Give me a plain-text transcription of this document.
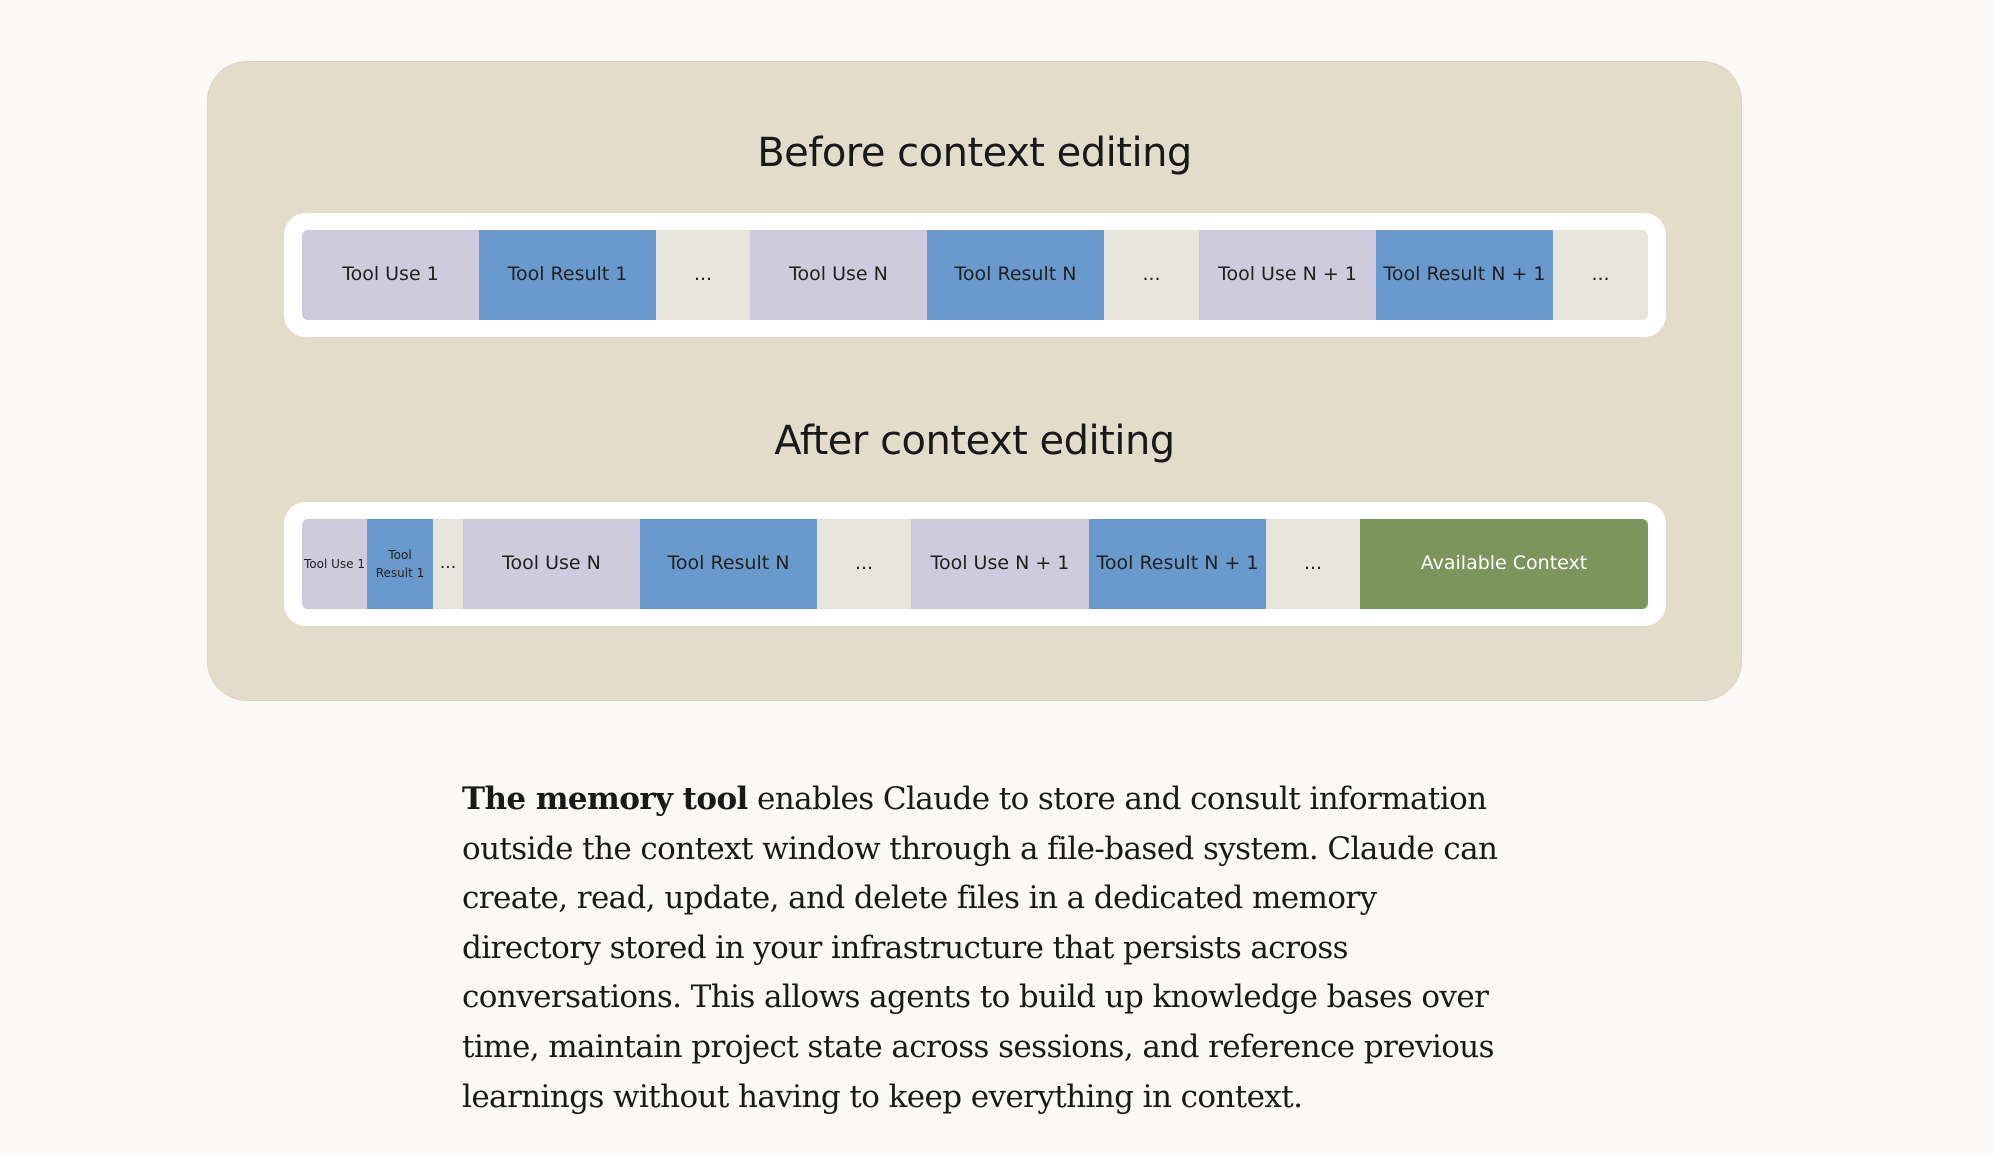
Before context editing
Tool Use 1	Tool Result 1	...	Tool Use N	Tool Result N	...	Tool Use N + 1	Tool Result N + 1	...
After context editing
Tool Use 1
Tool Result 1 ...	Tool Use N	Tool Result N	...	Tool Use N + 1	Tool Result N + 1	...	Available Context

The memory tool enables Claude to store and consult information outside the context window through a file-based system. Claude can create, read, update, and delete files in a dedicated memory directory stored in your infrastructure that persists across conversations. This allows agents to build up knowledge bases over time, maintain project state across sessions, and reference previous learnings without having to keep everything in context.
